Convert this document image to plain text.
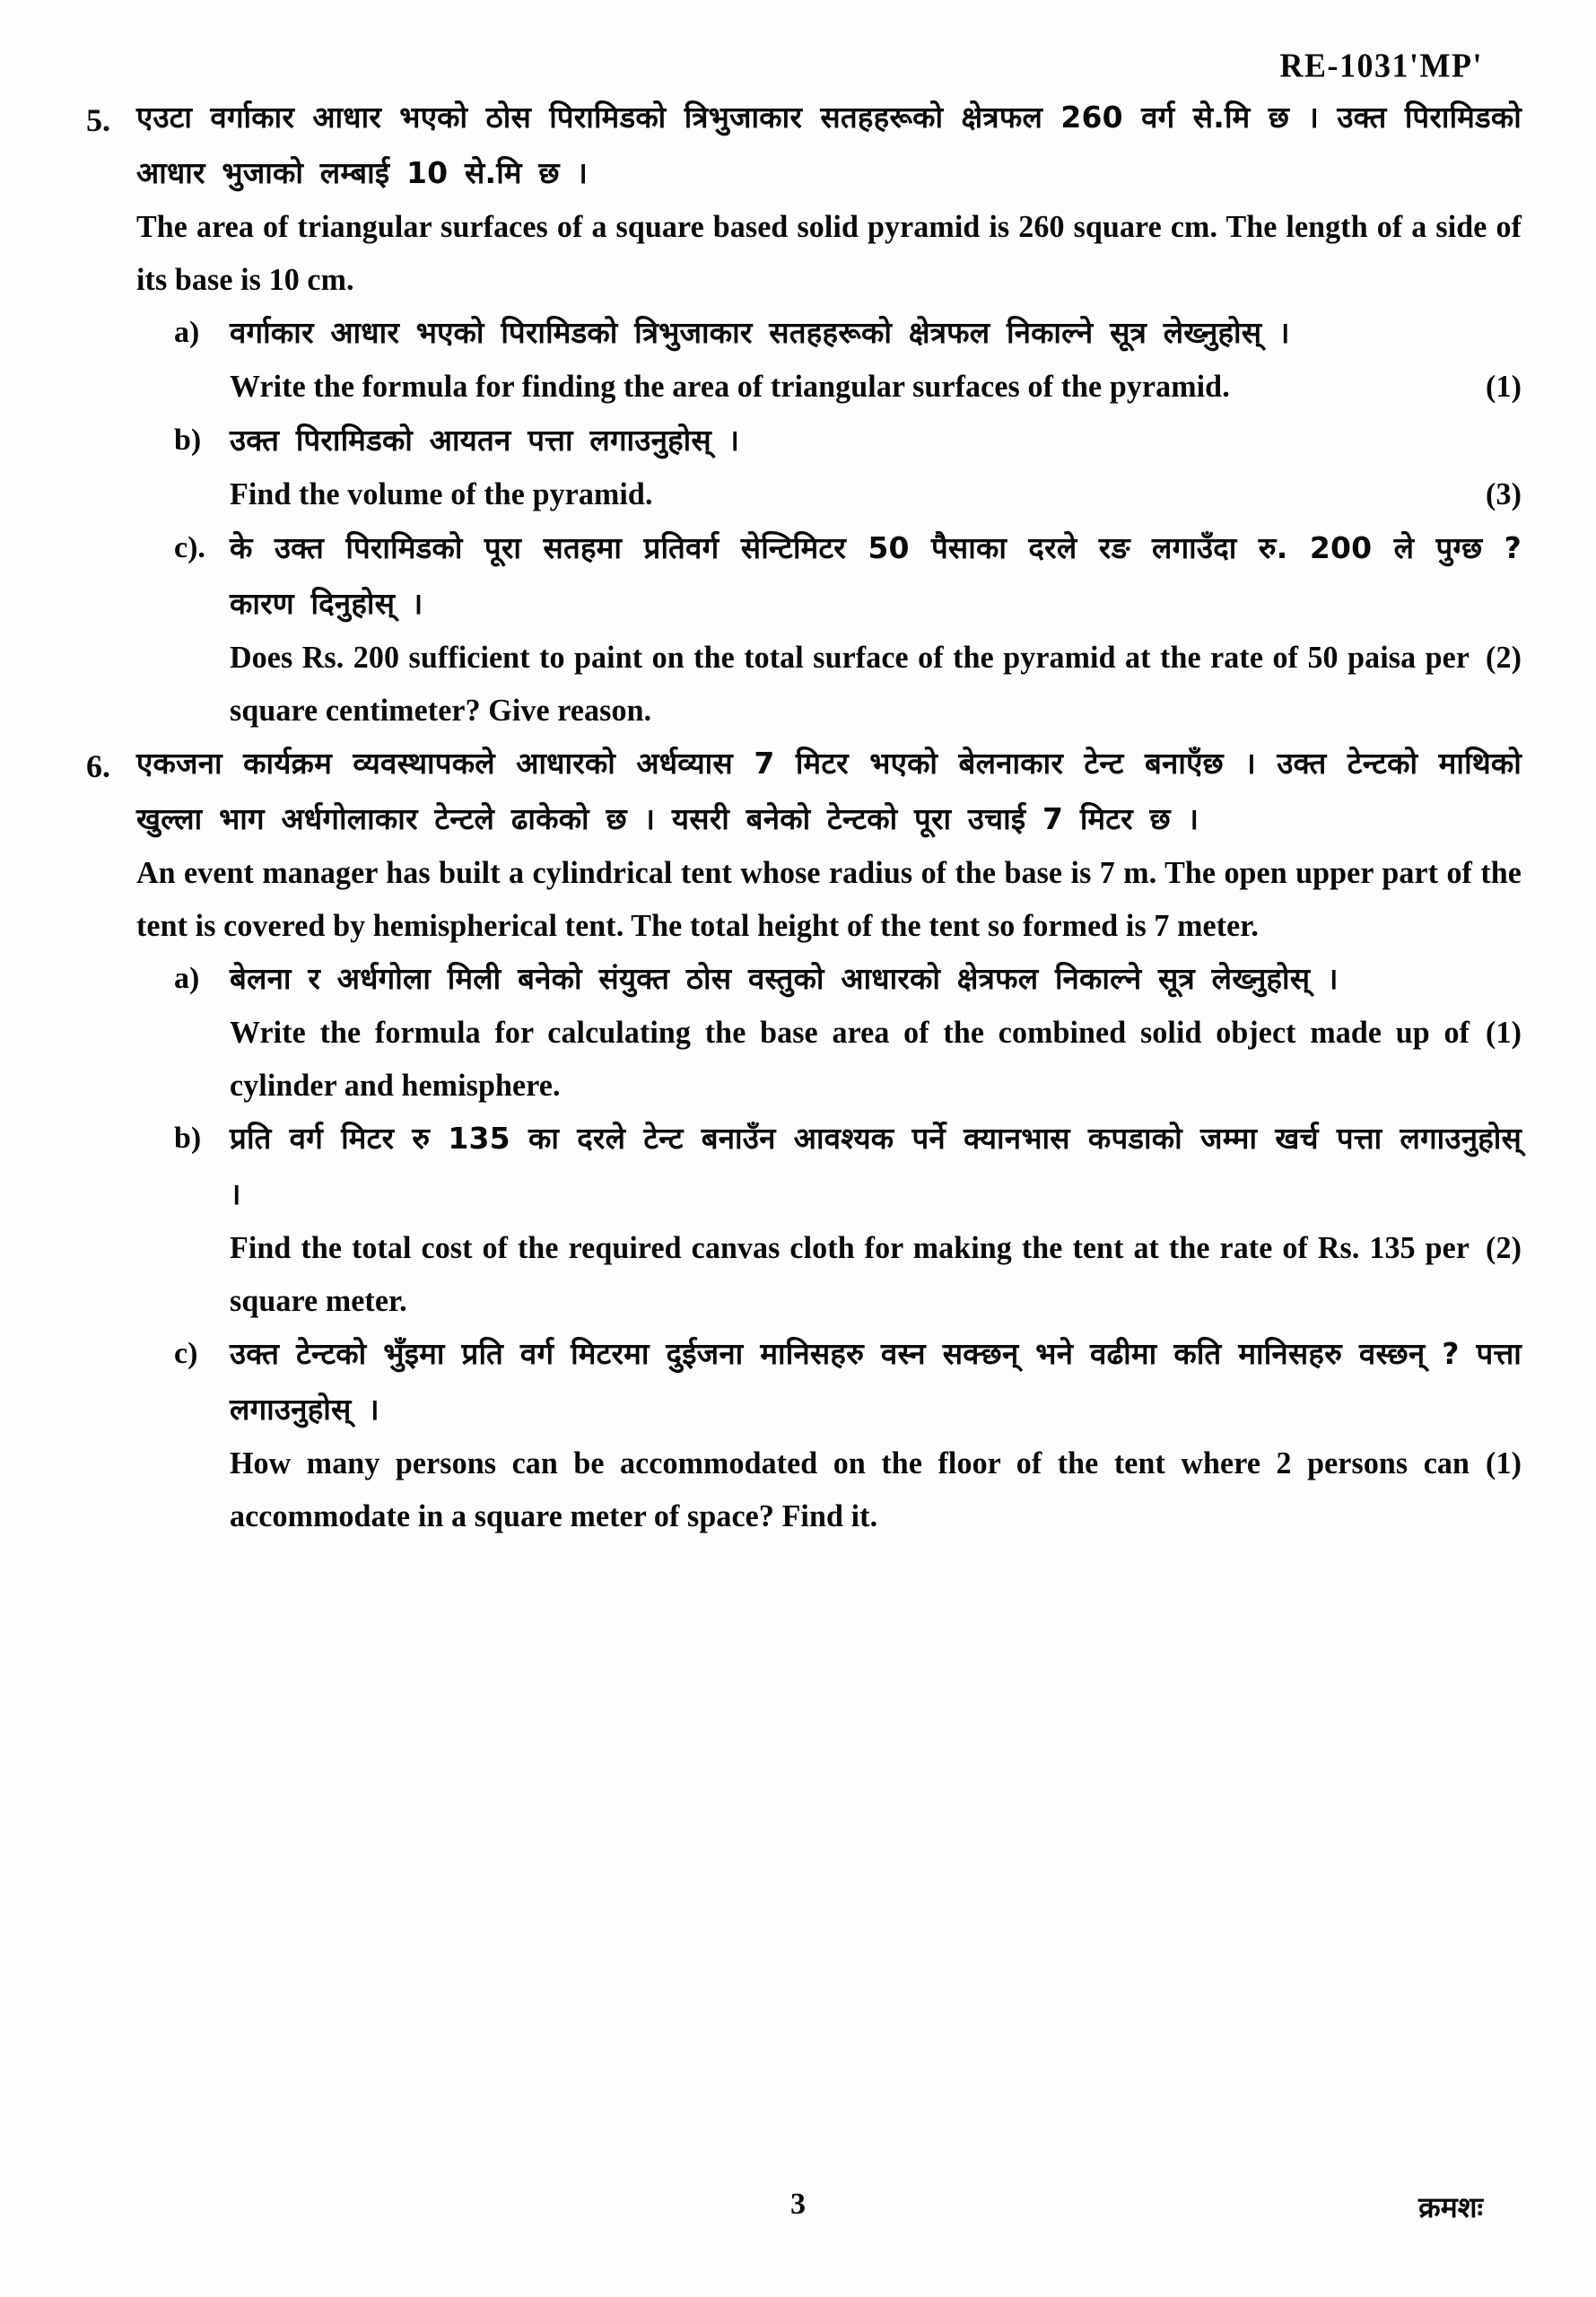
RE-1031'MP'
5. एउटा वर्गाकार आधार भएको ठोस पिरामिडको त्रिभुजाकार सतहहरूको क्षेत्रफल 260 वर्ग से.मि छ । उक्त पिरामिडको आधार भुजाको लम्बाई 10 से.मि छ ।
The area of triangular surfaces of a square based solid pyramid is 260 square cm. The length of a side of its base is 10 cm.
a)	वर्गाकार आधार भएको पिरामिडको त्रिभुजाकार सतहहरूको क्षेत्रफल निकाल्ने सूत्र लेख्नुहोस् ।
Write the formula for finding the area of triangular surfaces of the pyramid.	(1)
b) उक्त पिरामिडको आयतन पत्ता लगाउनुहोस् ।
Find the volume of the pyramid.	(3)
c). के उक्त पिरामिडको पूरा सतहमा प्रतिवर्ग सेन्टिमिटर 50 पैसाका दरले रङ लगाउँदा रु. 200 ले पुग्छ ? कारण दिनुहोस् ।
Does Rs. 200 sufficient to paint on the total surface of the pyramid at the rate of 50 paisa per square centimeter? Give reason.
(2)
6. एकजना कार्यक्रम व्यवस्थापकले आधारको अर्धव्यास 7 मिटर भएको बेलनाकार टेन्ट बनाएँछ । उक्त टेन्टको माथिको खुल्ला भाग अर्धगोलाकार टेन्टले ढाकेको छ । यसरी बनेको टेन्टको पूरा उचाई 7 मिटर छ ।
An event manager has built a cylindrical tent whose radius of the base is 7 m. The open upper part of the tent is covered by hemispherical tent. The total height of the tent so formed is 7 meter.
a)	बेलना र अर्धगोला मिली बनेको संयुक्त ठोस वस्तुको आधारको क्षेत्रफल निकाल्ने सूत्र लेख्नुहोस् ।
Write the formula for calculating the base area of the combined solid object made up of cylinder and hemisphere.
(1)
b) प्रति वर्ग मिटर रु 135 का दरले टेन्ट बनाउँन आवश्यक पर्ने क्यानभास कपडाको जम्मा खर्च पत्ता लगाउनुहोस् ।
Find the total cost of the required canvas cloth for making the tent at the rate of Rs. 135 per square meter.
(2)
c)	उक्त टेन्टको भुँइमा प्रति वर्ग मिटरमा दुईजना मानिसहरु वस्न सक्छन् भने वढीमा कति मानिसहरु वस्छन् ? पत्ता लगाउनुहोस् ।
How many persons can be accommodated on the floor of the tent where 2 persons can accommodate in a square meter of space? Find it.
(1)
3	क्रमशः
